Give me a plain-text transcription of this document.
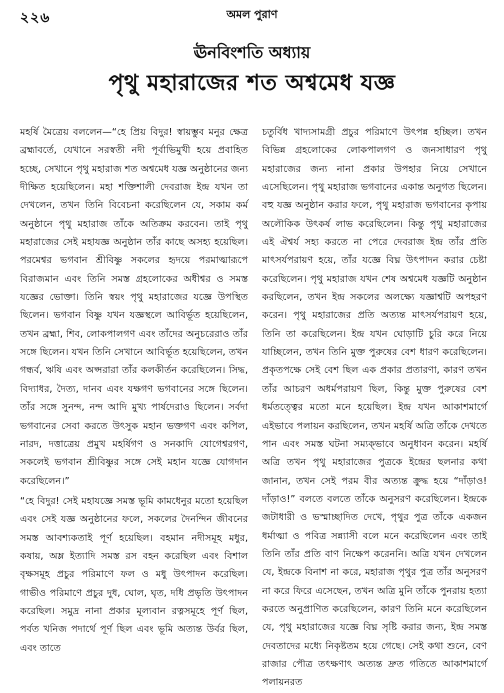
২২৬	অমল পুরাণ
ঊনবিংশতি অধ্যায়
পৃথু মহারাজের শত অশ্বমেধ যজ্ঞ

মহর্ষি মৈত্রেয় বললেন—“হে প্রিয় বিদুর! স্বায়ম্ভুব মনুর ক্ষেত্র ব্রহ্মাবর্তে, যেখানে সরস্বতী নদী পূর্বাভিমুখী হয়ে প্রবাহিত হচ্ছে, সেখানে পৃথু মহারাজ শত অশ্বমেধ যজ্ঞ অনুষ্ঠানের জন্য দীক্ষিত হয়েছিলেন। মহা শক্তিশালী দেবরাজ ইন্দ্র যখন তা দেখলেন, তখন তিনি বিবেচনা করেছিলেন যে, সকাম কর্ম অনুষ্ঠানে পৃথু মহারাজ তাঁকে অতিক্রম করবেন। তাই পৃথু মহারাজের সেই মহাযজ্ঞ অনুষ্ঠান তাঁর কাছে অসহ্য হয়েছিল। পরমেশ্বর ভগবান শ্রীবিষ্ণু সকলের হৃদয়ে পরমাত্মারূপে বিরাজমান এবং তিনি সমস্ত গ্রহলোকের অধীশ্বর ও সমস্ত যজ্ঞের ভোক্তা। তিনি স্বয়ং পৃথু মহারাজের যজ্ঞে উপস্থিত ছিলেন। ভগবান বিষ্ণু যখন যজ্ঞস্থলে আবির্ভূত হয়েছিলেন, তখন ব্রহ্মা, শিব, লোকপালগণ এবং তাঁদের অনুচরেরাও তাঁর সঙ্গে ছিলেন। যখন তিনি সেখানে আবির্ভূত হয়েছিলেন, তখন গন্ধর্ব, ঋষি এবং অপ্সরারা তাঁর কলকীর্তন করেছিলেন। সিদ্ধ, বিদ্যাধর, দৈত্য, দানব এবং যক্ষগণ ভগবানের সঙ্গে ছিলেন। তাঁর সঙ্গে সুনন্দ, নন্দ আদি মুখ্য পার্ষদেরাও ছিলেন। সর্বদা ভগবানের সেবা করতে উৎসুক মহান ভক্তগণ এবং কপিল, নারদ, দত্তাত্রেয় প্রমুখ মহর্ষিগণ ও সনকাদি যোগেশ্বরগণ, সকলেই ভগবান শ্রীবিষ্ণুর সঙ্গে সেই মহান যজ্ঞে যোগদান করেছিলেন।”

“হে বিদুর! সেই মহাযজ্ঞে সমস্ত ভূমি কামধেনুর মতো হয়েছিল এবং সেই যজ্ঞ অনুষ্ঠানের ফলে, সকলের দৈনন্দিন জীবনের সমস্ত আবশ্যকতাই পূর্ণ হয়েছিল। বহমান নদীসমূহ মধুর, কষায়, অম্ল ইত্যাদি সমস্ত রস বহন করেছিল এবং বিশাল বৃক্ষসমূহ প্রচুর পরিমাণে ফল ও মধু উৎপাদন করেছিল। গাভীও পরিমাণে প্রচুর দুধ, ঘোল, ঘৃত, দধি প্রভৃতি উৎপাদন করেছিল। সমুদ্র নানা প্রকার মূল্যবান রত্নসমূহে পূর্ণ ছিল, পর্বত খনিজ পদার্থে পূর্ণ ছিল এবং ভূমি অত্যন্ত উর্বর ছিল, এবং তাতে

চতুর্বিধ খাদ্যসামগ্রী প্রচুর পরিমাণে উৎপন্ন হচ্ছিল। তখন বিভিন্ন গ্রহলোকের লোকপালগণ ও জনসাধারণ পৃথু মহারাজের জন্য নানা প্রকার উপহার নিয়ে সেখানে এসেছিলেন। পৃথু মহারাজ ভগবানের একান্ত অনুগত ছিলেন। বহু যজ্ঞ অনুষ্ঠান করার ফলে, পৃথু মহারাজ ভগবানের কৃপায় অলৌকিক উৎকর্ষ লাভ করেছিলেন। কিন্তু পৃথু মহারাজের এই ঐশ্বর্য সহ্য করতে না পেরে দেবরাজ ইন্দ্র তাঁর প্রতি মাৎসর্যপরায়ণ হয়ে, তাঁর যজ্ঞে বিঘ্ন উৎপাদন করার চেষ্টা করেছিলেন। পৃথু মহারাজ যখন শেষ অশ্বমেধ যজ্ঞটি অনুষ্ঠান করছিলেন, তখন ইন্দ্র সকলের অলক্ষ্যে যজ্ঞাশ্বটি অপহরণ করেন। পৃথু মহারাজের প্রতি অত্যন্ত মাৎসর্যপরায়ণ হয়ে, তিনি তা করেছিলেন। ইন্দ্র যখন ঘোড়াটি চুরি করে নিয়ে যাচ্ছিলেন, তখন তিনি মুক্ত পুরুষের বেশ ধারণ করেছিলেন। প্রকৃতপক্ষে সেই বেশ ছিল এক প্রকার প্রতারণা, কারণ তখন তাঁর আচরণ অধর্মপরায়ণ ছিল, কিন্তু মুক্ত পুরুষের বেশ ধর্মতত্ত্বের মতো মনে হয়েছিল। ইন্দ্র যখন আকাশমার্গে এইভাবে পলায়ন করছিলেন, তখন মহর্ষি অত্রি তাঁকে দেখতে পান এবং সমস্ত ঘটনা সম্যক্‌ভাবে অনুধাবন করেন। মহর্ষি অত্রি তখন পৃথু মহারাজের পুত্রকে ইন্দ্রের ছলনার কথা জানান, তখন সেই পরম বীর অত্যন্ত ক্রুদ্ধ হয়ে “দাঁড়াও! দাঁড়াও!” বলতে বলতে তাঁকে অনুসরণ করেছিলেন। ইন্দ্রকে জটাধারী ও ভস্মাচ্ছাদিত দেখে, পৃথুর পুত্র তাঁকে একজন ধর্মাত্মা ও পবিত্র সন্ন্যাসী বলে মনে করেছিলেন এবং তাই তিনি তাঁর প্রতি বাণ নিক্ষেপ করেননি। অত্রি যখন দেখলেন যে, ইন্দ্রকে বিনাশ না করে, মহারাজ পৃথুর পুত্র তাঁর অনুসরণ না করে ফিরে এসেছেন, তখন অত্রি মুনি তাঁকে পুনরায় হত্যা করতে অনুপ্রাণিত করেছিলেন, কারণ তিনি মনে করেছিলেন যে, পৃথু মহারাজের যজ্ঞে বিঘ্ন সৃষ্টি করার জন্য, ইন্দ্র সমস্ত দেবতাদের মধ্যে নিকৃষ্টতম হয়ে গেছে। সেই কথা শুনে, বেণ রাজার পৌত্র তৎক্ষণাৎ অত্যন্ত দ্রুত গতিতে আকাশমার্গে পলায়নরত
